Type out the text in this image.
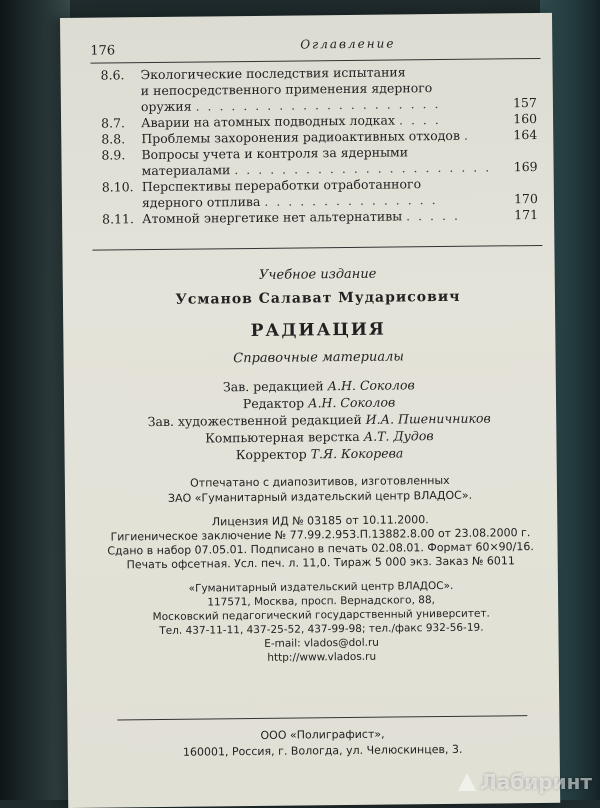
176	Оглавление
8.6. Экологические последствия испытания
и непосредственного применения ядерного
оружия . . . . . . . . . . . . . . . . . . . . .	157
8.7. Аварии на атомных подводных лодках . . . .	160
8.8. Проблемы захоронения радиоактивных отходов .	164
8.9. Вопросы учета и контроля за ядерными
материалами . . . . . . . . . . . . . . . . . . . . . .	169
8.10. Перспективы переработки отработанного
ядерного отплива . . . . . . . . . . . . . . .	170
8.11. Атомной энергетике нет альтернативы . . . . .	171
Учебное издание
Усманов Салават Мударисович
РАДИАЦИЯ
Справочные материалы
Зав. редакцией А.Н. Соколов
Редактор А.Н. Соколов
Зав. художественной редакцией И.А. Пшеничников
Компьютерная верстка А.Т. Дудов
Корректор Т.Я. Кокорева
Отпечатано с диапозитивов, изготовленных
ЗАО «Гуманитарный издательский центр ВЛАДОС».
Лицензия ИД № 03185 от 10.11.2000.
Гигиеническое заключение № 77.99.2.953.П.13882.8.00 от 23.08.2000 г.
Сдано в набор 07.05.01. Подписано в печать 02.08.01. Формат 60×90/16.
Печать офсетная. Усл. печ. л. 11,0. Тираж 5 000 экз. Заказ № 6011
«Гуманитарный издательский центр ВЛАДОС».
117571, Москва, просп. Вернадского, 88,
Московский педагогический государственный университет.
Тел. 437-11-11, 437-25-52, 437-99-98; тел./факс 932-56-19.
E-mail: vlados@dol.ru
http://www.vlados.ru
ООО «Полиграфист»,
160001, Россия, г. Вологда, ул. Челюскинцев, 3.
Лабиринт
